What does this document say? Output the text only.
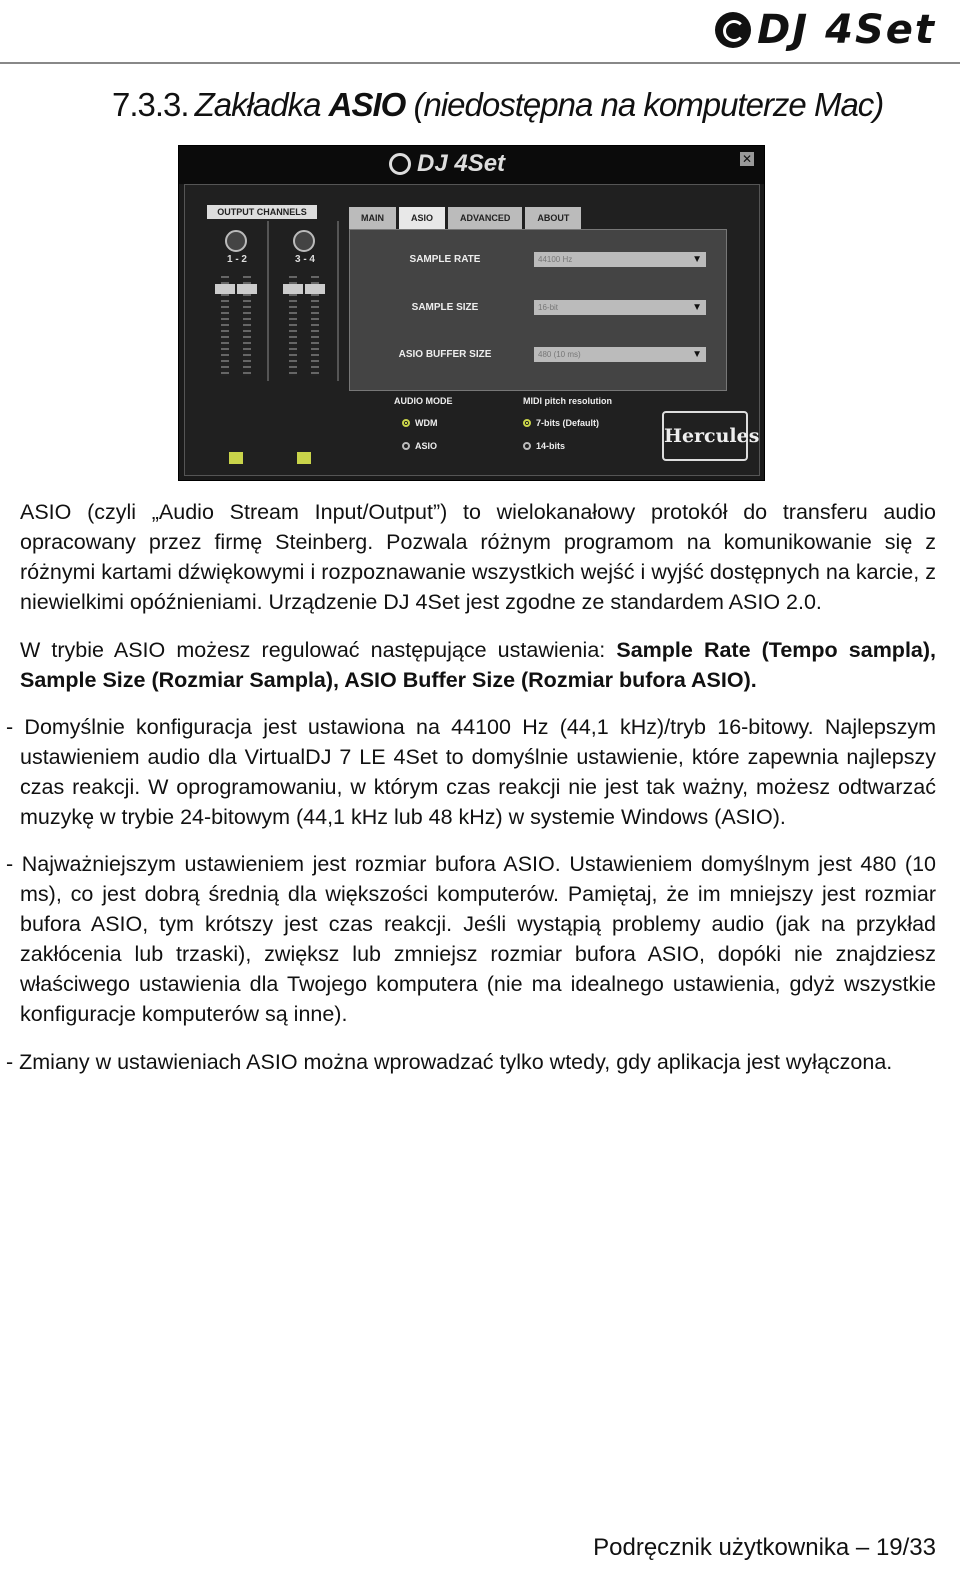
DJ 4Set
7.3.3. Zakładka ASIO (niedostępna na komputerze Mac)
DJ 4Set	✕
OUTPUT CHANNELS
1 - 2	3 - 4
MAIN	ASIO	ADVANCED	ABOUT
SAMPLE RATE	44100 Hz	▼
SAMPLE SIZE	16-bit	▼
ASIO BUFFER SIZE	480 (10 ms)	▼
AUDIO MODE
WDM
ASIO
MIDI pitch resolution
7-bits (Default)
14-bits	Hercules

ASIO (czyli „Audio Stream Input/Output”) to wielokanałowy protokół do transferu audio opracowany przez firmę Steinberg. Pozwala różnym programom na komunikowanie się z różnymi kartami dźwiękowymi i rozpoznawanie wszystkich wejść i wyjść dostępnych na karcie, z niewielkimi opóźnieniami. Urządzenie DJ 4Set jest zgodne ze standardem ASIO 2.0.

W trybie ASIO możesz regulować następujące ustawienia: Sample Rate (Tempo sampla), Sample Size (Rozmiar Sampla), ASIO Buffer Size (Rozmiar bufora ASIO).

- Domyślnie konfiguracja jest ustawiona na 44100 Hz (44,1 kHz)/tryb 16-bitowy. Najlepszym ustawieniem audio dla VirtualDJ 7 LE 4Set to domyślnie ustawienie, które zapewnia najlepszy czas reakcji. W oprogramowaniu, w którym czas reakcji nie jest tak ważny, możesz odtwarzać muzykę w trybie 24-bitowym (44,1 kHz lub 48 kHz) w systemie Windows (ASIO).

- Najważniejszym ustawieniem jest rozmiar bufora ASIO. Ustawieniem domyślnym jest 480 (10 ms), co jest dobrą średnią dla większości komputerów. Pamiętaj, że im mniejszy jest rozmiar bufora ASIO, tym krótszy jest czas reakcji. Jeśli wystąpią problemy audio (jak na przykład zakłócenia lub trzaski), zwiększ lub zmniejsz rozmiar bufora ASIO, dopóki nie znajdziesz właściwego ustawienia dla Twojego komputera (nie ma idealnego ustawienia, gdyż wszystkie konfiguracje komputerów są inne).

- Zmiany w ustawieniach ASIO można wprowadzać tylko wtedy, gdy aplikacja jest wyłączona.

Podręcznik użytkownika – 19/33
